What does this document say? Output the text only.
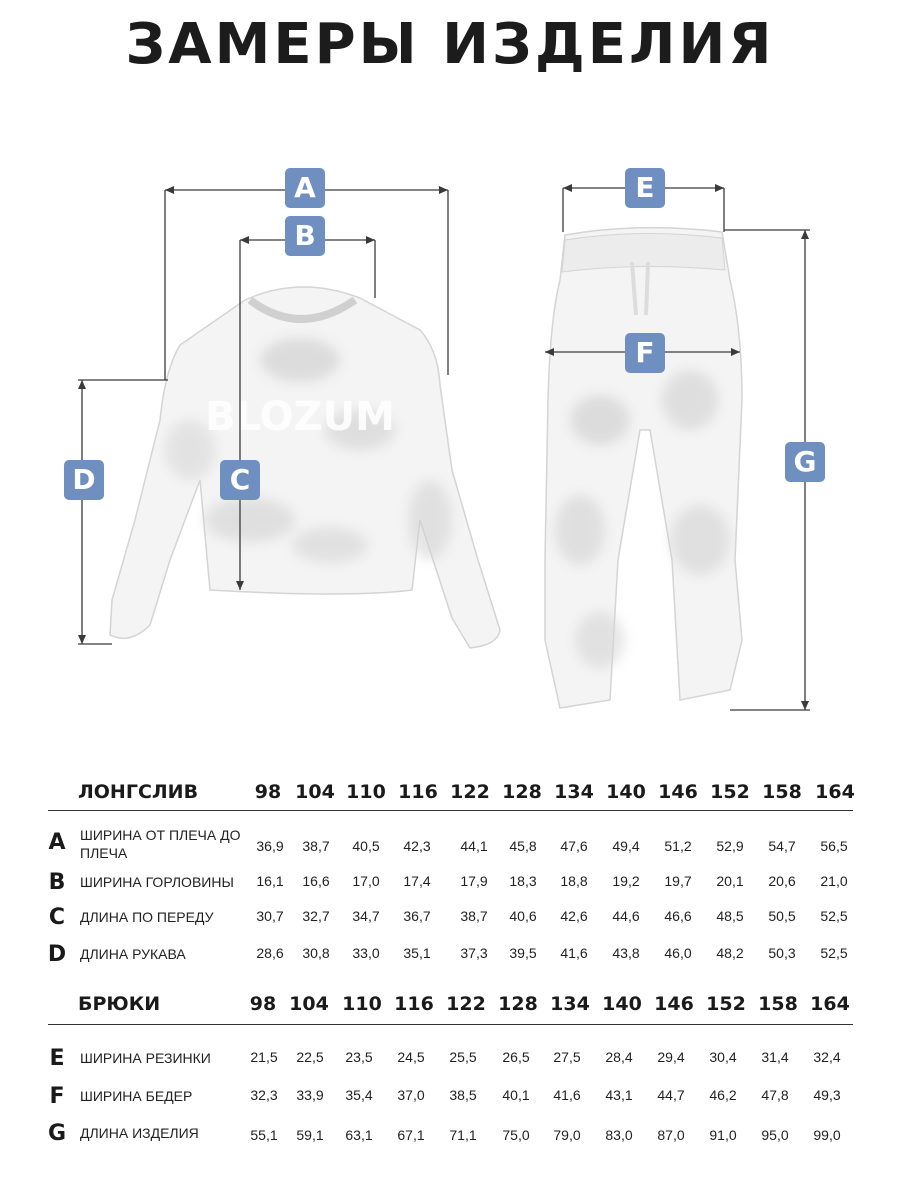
ЗАМЕРЫ ИЗДЕЛИЯ
BLOZUM
A
B
C
D
E
F
G
ЛОНГСЛИВ	98 104 110 116 122 128 134 140 146 152 158 164
A	ШИРИНА ОТ ПЛЕЧА ДО ПЛЕЧА	36,9	38,7	40,5	42,3	44,1	45,8	47,6	49,4	51,2	52,9	54,7	56,5
B	ШИРИНА ГОРЛОВИНЫ	16,1	16,6	17,0	17,4	17,9	18,3	18,8	19,2	19,7	20,1	20,6	21,0
C	ДЛИНА ПО ПЕРЕДУ	30,7	32,7	34,7	36,7	38,7	40,6	42,6	44,6	46,6	48,5	50,5	52,5
D ДЛИНА РУКАВА	28,6	30,8	33,0	35,1	37,3	39,5	41,6	43,8	46,0	48,2	50,3	52,5
БРЮКИ	98 104 110 116 122 128 134 140 146 152 158 164
E	ШИРИНА РЕЗИНКИ	21,5	22,5	23,5	24,5	25,5	26,5	27,5	28,4	29,4	30,4	31,4	32,4
F	ШИРИНА БЕДЕР	32,3	33,9	35,4	37,0	38,5	40,1	41,6	43,1	44,7	46,2	47,8	49,3
G ДЛИНА ИЗДЕЛИЯ	55,1	59,1	63,1	67,1	71,1	75,0	79,0	83,0	87,0	91,0	95,0	99,0
